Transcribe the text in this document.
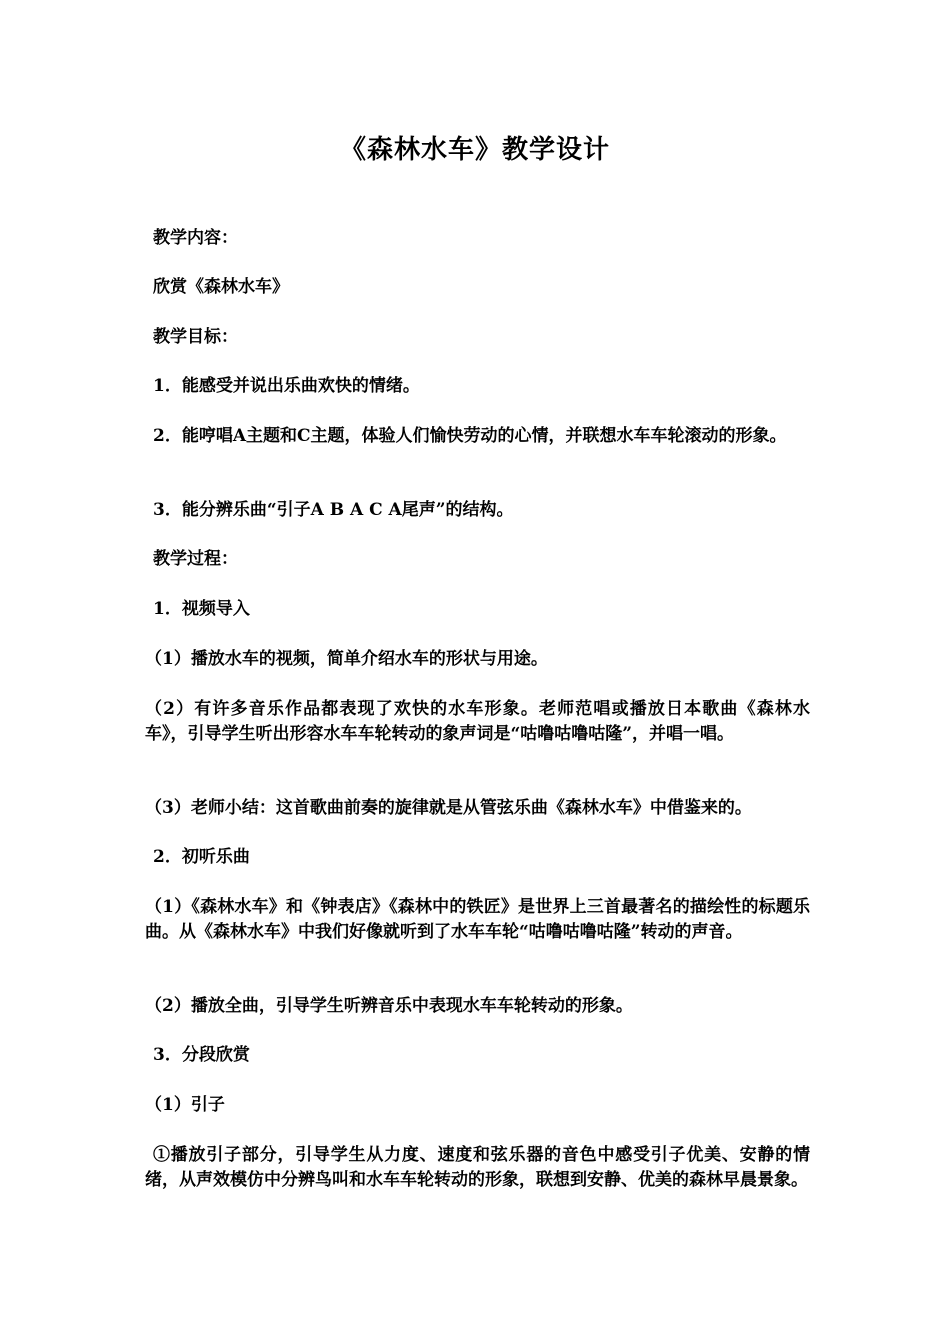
《森林水车》教学设计

教学内容：

欣赏《森林水车》

教学目标：

1．能感受并说出乐曲欢快的情绪。

2．能哼唱A主题和C主题，体验人们愉快劳动的心情，并联想水车车轮滚动的形象。

3．能分辨乐曲“引子A B A C A尾声”的结构。

教学过程：

1．视频导入

（1）播放水车的视频，简单介绍水车的形状与用途。

（2）有许多音乐作品都表现了欢快的水车形象。老师范唱或播放日本歌曲《森林水车》，引导学生听出形容水车车轮转动的象声词是“咕噜咕噜咕隆”，并唱一唱。

（3）老师小结：这首歌曲前奏的旋律就是从管弦乐曲《森林水车》中借鉴来的。

2．初听乐曲

（1）《森林水车》和《钟表店》《森林中的铁匠》是世界上三首最著名的描绘性的标题乐曲。从《森林水车》中我们好像就听到了水车车轮“咕噜咕噜咕隆”转动的声音。

（2）播放全曲，引导学生听辨音乐中表现水车车轮转动的形象。

3．分段欣赏

（1）引子

①播放引子部分，引导学生从力度、速度和弦乐器的音色中感受引子优美、安静的情绪，从声效模仿中分辨鸟叫和水车车轮转动的形象，联想到安静、优美的森林早晨景象。
